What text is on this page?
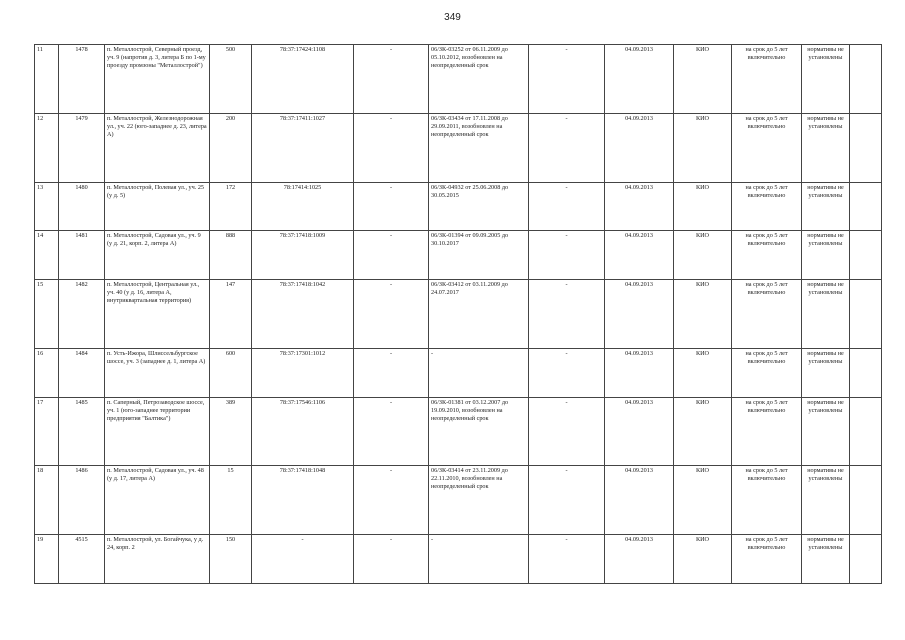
349
11	1478	п. Металлострой, Северный проезд, уч. 9 (напротив д. 3, литера Б по 1-му проезду промзоны "Металлострой")	500	78:37:17424:1108	-	06/ЗК-03252 от 06.11.2009 до 05.10.2012, возобновлен на неопределенный срок	-	04.09.2013	КИО	на срок до 5 лет включительно	нормативы не установлены	
12	1479	п. Металлострой, Железнодорожная ул., уч. 22 (юго-западнее д. 23, литера А)	200	78:37:17411:1027	-	06/ЗК-03434 от 17.11.2008 до 29.09.2011, возобновлен на неопределенный срок	-	04.09.2013	КИО	на срок до 5 лет включительно	нормативы не установлены	
13	1480	п. Металлострой, Полевая ул., уч. 25 (у д. 5)	172	78:17414:1025	-	06/ЗК-04932 от 25.06.2008 до 30.05.2015	-	04.09.2013	КИО	на срок до 5 лет включительно	нормативы не установлены	
14	1481	п. Металлострой, Садовая ул., уч. 9 (у д. 21, корп. 2, литера А)	888	78:37:17418:1009	-	06/ЗК-01394 от 09.09.2005 до 30.10.2017	-	04.09.2013	КИО	на срок до 5 лет включительно	нормативы не установлены	
15	1482	п. Металлострой, Центральная ул., уч. 40 (у д. 16, литера А, внутриквартальная территория)	147	78:37:17418:1042	-	06/ЗК-03412 от 03.11.2009 до 24.07.2017	-	04.09.2013	КИО	на срок до 5 лет включительно	нормативы не установлены	
16	1484	п. Усть-Ижора, Шлиссельбургское шоссе, уч. 3 (западнее д. 1, литера А)	600	78:37:17301:1012	-	-	-	04.09.2013	КИО	на срок до 5 лет включительно	нормативы не установлены	
17	1485	п. Саперный, Петрозаводское шоссе, уч. 1 (юго-западнее территории предприятия "Балтика")	389	78:37:17546:1106	-	06/ЗК-01381 от 03.12.2007 до 19.09.2010, возобновлен на неопределенный срок	-	04.09.2013	КИО	на срок до 5 лет включительно	нормативы не установлены	
18	1486	п. Металлострой, Садовая ул., уч. 48 (у д. 17, литера А)	15	78:37:17418:1048	-	06/ЗК-03414 от 23.11.2009 до 22.11.2010, возобновлен на неопределенный срок	-	04.09.2013	КИО	на срок до 5 лет включительно	нормативы не установлены	
19	4515	п. Металлострой, ул. Богайчука, у д. 24, корп. 2	150	-	-	-	-	04.09.2013	КИО	на срок до 5 лет включительно	нормативы не установлены	
